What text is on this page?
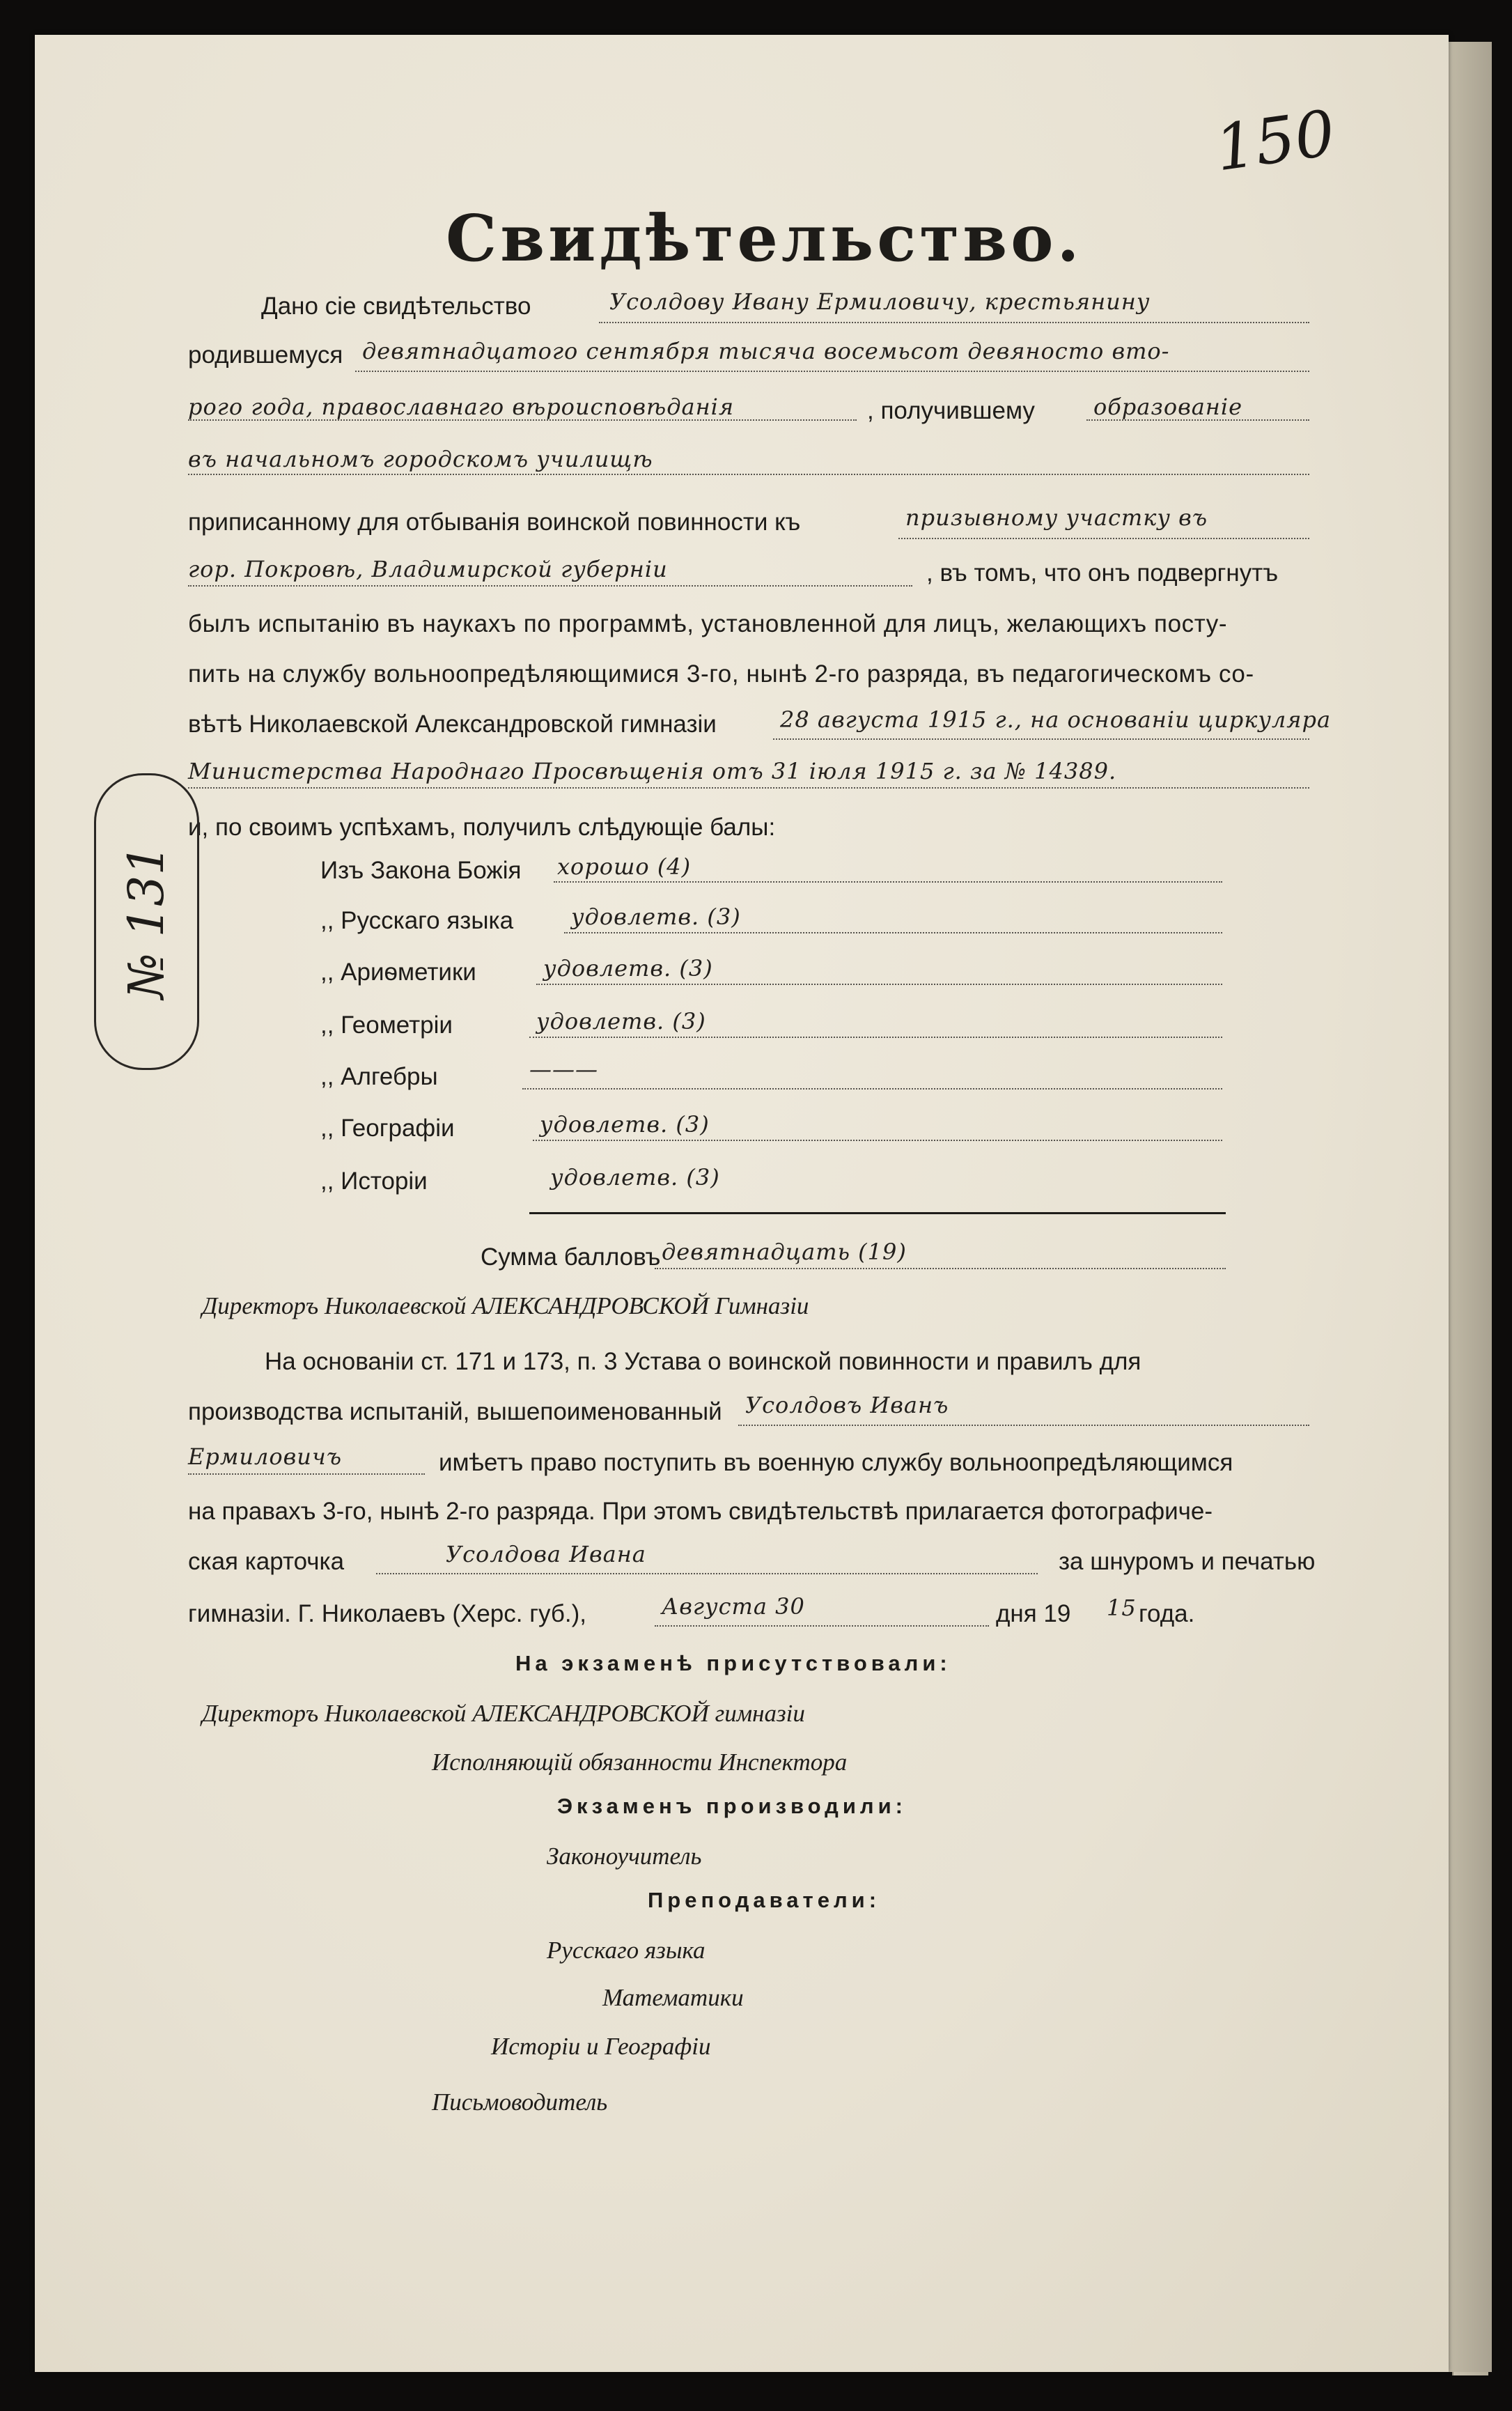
150
Свидѣтельство.
Дано сіе свидѣтельство	Усолдову Ивану Ермиловичу, крестьянину
родившемуся девятнадцатого сентября тысяча восемьсот девяносто вто-
рого года, православнаго вѣроисповѣданія	, получившему	образованіе
въ начальномъ городскомъ училищѣ
приписанному для отбыванія воинской повинности къ	призывному участку въ
гор. Покровѣ, Владимирской губерніи	, въ томъ, что онъ подвергнутъ
былъ испытанію въ наукахъ по программѣ, установленной для лицъ, желающихъ посту-
пить на службу вольноопредѣляющимися 3-го, нынѣ 2-го разряда, въ педагогическомъ со-
вѣтѣ Николаевской Александровской гимназіи	28 августа 1915 г., на основаніи циркуляра
Министерства Народнаго Просвѣщенія отъ 31 іюля 1915 г. за № 14389.
и, по своимъ успѣхамъ, получилъ слѣдующіе балы:
№ 131	Изъ Закона Божія хорошо (4)
,, Русскаго языка	удовлетв. (3)
,, Ариѳметики	удовлетв. (3)
,, Геометріи	удовлетв. (3)
,, Алгебры	———
,, Географіи	удовлетв. (3)
,, Исторіи	удовлетв. (3)
Сумма балловъ девятнадцать (19)
Директоръ Николаевской АЛЕКСАНДРОВСКОЙ Гимназіи
На основаніи ст. 171 и 173, п. 3 Устава о воинской повинности и правилъ для
производства испытаній, вышепоименованный Усолдовъ Иванъ
Ермиловичъ	имѣетъ право поступить въ военную службу вольноопредѣляющимся
на правахъ 3-го, нынѣ 2-го разряда. При этомъ свидѣтельствѣ прилагается фотографиче-
ская карточка	Усолдова Ивана	за шнуромъ и печатью
гимназіи. Г. Николаевъ (Херс. губ.),	Августа 30	дня 19 15 года.
На экзаменѣ присутствовали:
Директоръ Николаевской АЛЕКСАНДРОВСКОЙ гимназіи
Исполняющій обязанности Инспектора
Экзаменъ производили:
Законоучитель
Преподаватели:
Русскаго языка
Математики
Исторіи и Географіи
Письмоводитель
